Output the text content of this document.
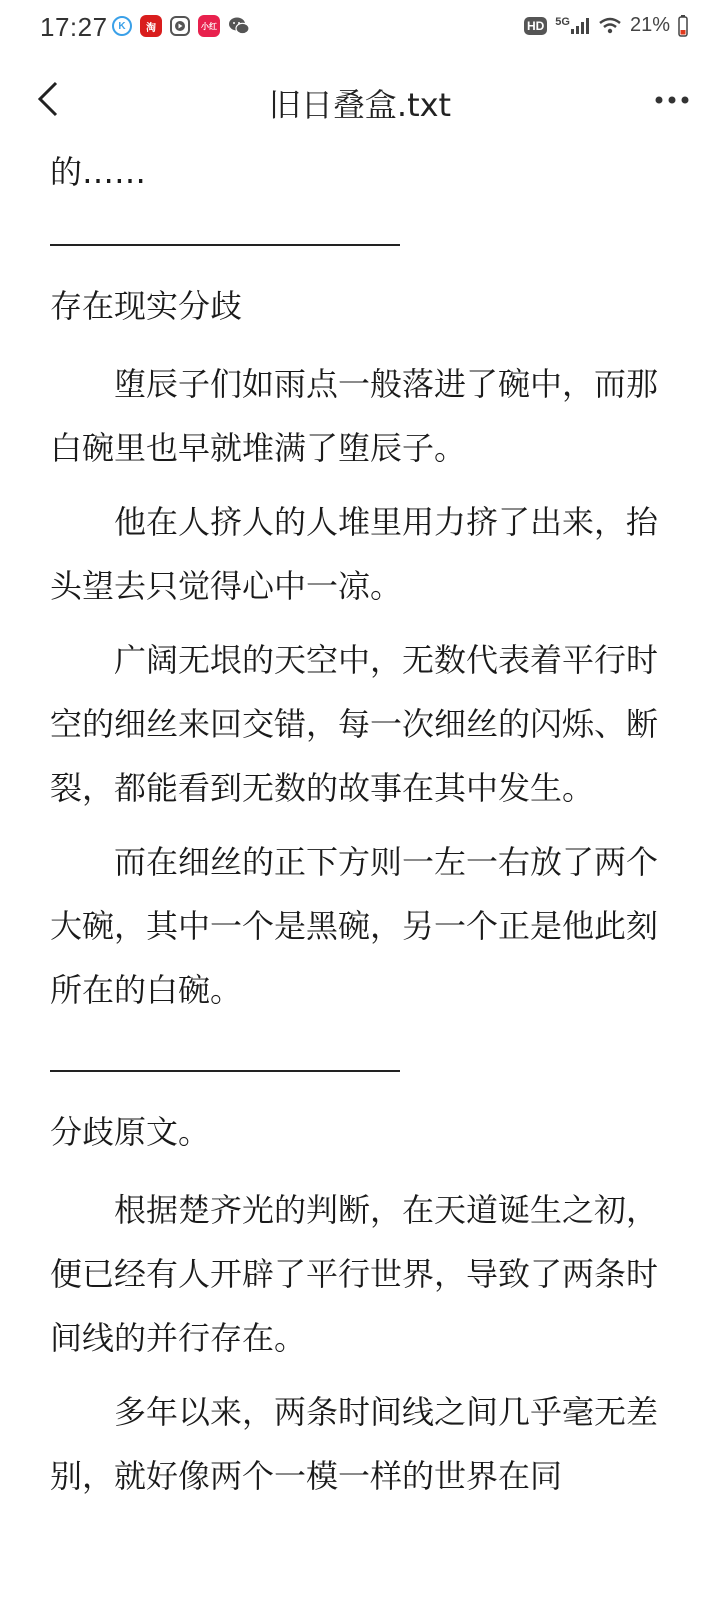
17:27	K	淘	小红	HD 5G	21%
旧日叠盒.txt

的……

存在现实分歧

堕辰子们如雨点一般落进了碗中，而那白碗里也早就堆满了堕辰子。

他在人挤人的人堆里用力挤了出来，抬头望去只觉得心中一凉。

广阔无垠的天空中，无数代表着平行时空的细丝来回交错，每一次细丝的闪烁、断裂，都能看到无数的故事在其中发生。

而在细丝的正下方则一左一右放了两个大碗，其中一个是黑碗，另一个正是他此刻所在的白碗。

分歧原文。

根据楚齐光的判断，在天道诞生之初，便已经有人开辟了平行世界，导致了两条时间线的并行存在。

多年以来，两条时间线之间几乎毫无差别，就好像两个一模一样的世界在同
